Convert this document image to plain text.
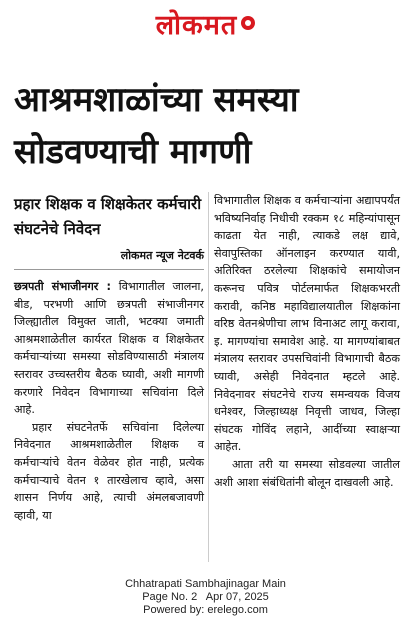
लोकमत
आश्रमशाळांच्या समस्या
सोडवण्याची मागणी
प्रहार शिक्षक व शिक्षकेतर कर्मचारी संघटनेचे निवेदन
लोकमत न्यूज नेटवर्क

छत्रपती संभाजीनगर : विभागातील जालना, बीड, परभणी आणि छत्रपती संभाजीनगर जिल्ह्यातील विमुक्त जाती, भटक्या जमाती आश्रमशाळेतील कार्यरत शिक्षक व शिक्षकेतर कर्मचाऱ्यांच्या समस्या सोडविण्यासाठी मंत्रालय स्तरावर उच्चस्तरीय बैठक घ्यावी, अशी मागणी करणारे निवेदन विभागाच्या सचिवांना दिले आहे.

प्रहार संघटनेतर्फे सचिवांना दिलेल्या निवेदनात आश्रमशाळेतील शिक्षक व कर्मचाऱ्यांचे वेतन वेळेवर होत नाही, प्रत्येक कर्मचाऱ्याचे वेतन १ तारखेलाच व्हावे, असा शासन निर्णय आहे, त्याची अंमलबजावणी व्हावी, या

विभागातील शिक्षक व कर्मचाऱ्यांना अद्यापपर्यंत भविष्यनिर्वाह निधीची रक्कम १८ महिन्यांपासून काढता येत नाही, त्याकडे लक्ष द्यावे, सेवापुस्तिका ऑनलाइन करण्यात यावी, अतिरिक्त ठरलेल्या शिक्षकांचे समायोजन करूनच पवित्र पोर्टलमार्फत शिक्षकभरती करावी, कनिष्ठ महाविद्यालयातील शिक्षकांना वरिष्ठ वेतनश्रेणीचा लाभ विनाअट लागू करावा, इ. मागण्यांचा समावेश आहे. या मागण्यांबाबत मंत्रालय स्तरावर उपसचिवांनी विभागाची बैठक घ्यावी, असेही निवेदनात म्हटले आहे. निवेदनावर संघटनेचे राज्य समन्वयक विजय धनेश्वर, जिल्हाध्यक्ष निवृत्ती जाधव, जिल्हा संघटक गोविंद लहाने, आदींच्या स्वाक्षऱ्या आहेत.

आता तरी या समस्या सोडवल्या जातील अशी आशा संबंधितांनी बोलून दाखवली आहे.

Chhatrapati Sambhajinagar Main
Page No. 2   Apr 07, 2025
Powered by: erelego.com
